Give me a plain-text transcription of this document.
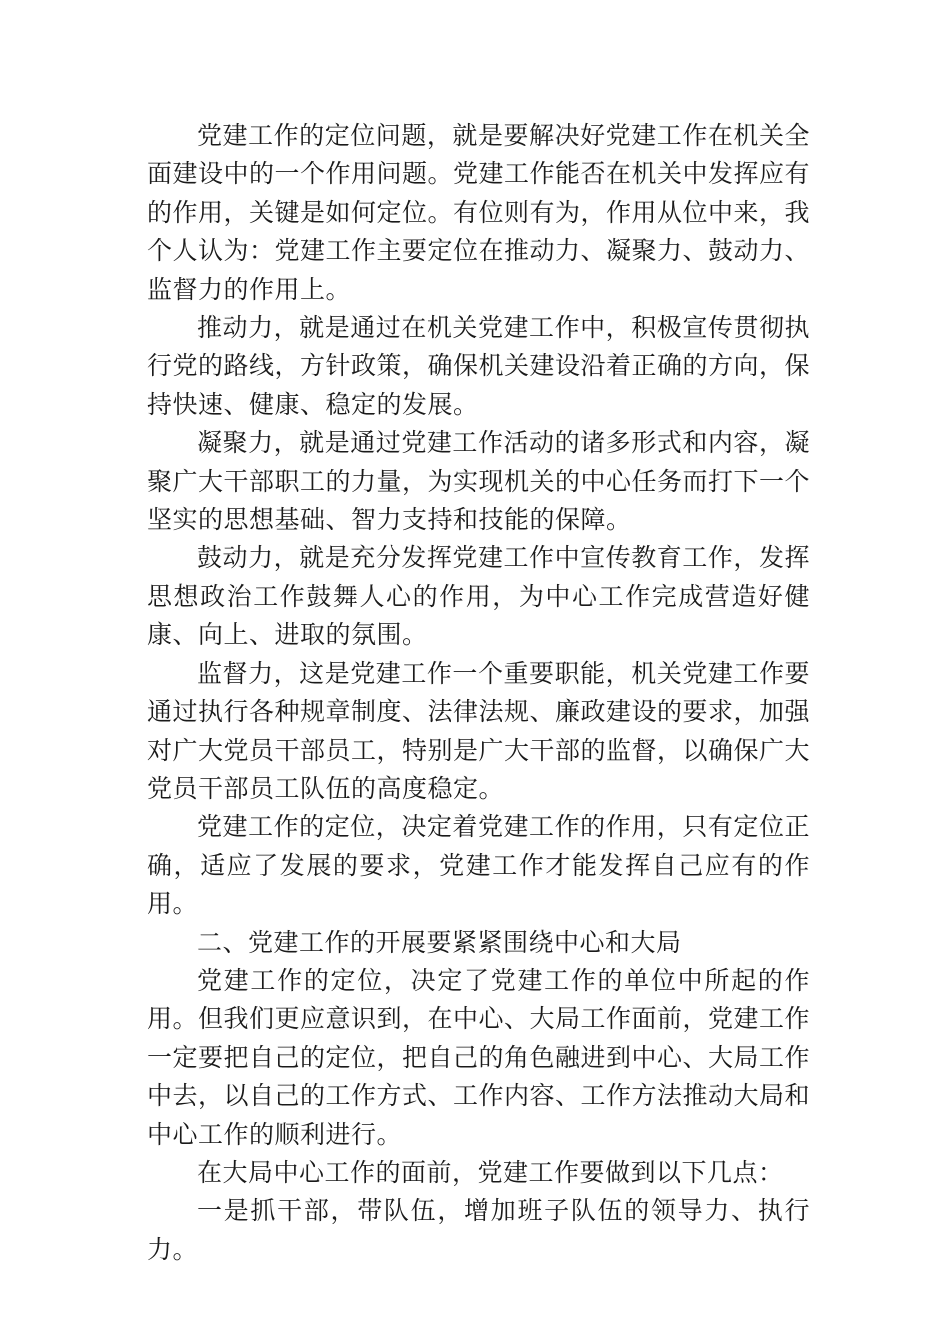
党建工作的定位问题，就是要解决好党建工作在机关全面建设中的一个作用问题。党建工作能否在机关中发挥应有的作用，关键是如何定位。有位则有为，作用从位中来，我个人认为：党建工作主要定位在推动力、凝聚力、鼓动力、监督力的作用上。

推动力，就是通过在机关党建工作中，积极宣传贯彻执行党的路线，方针政策，确保机关建设沿着正确的方向，保持快速、健康、稳定的发展。

凝聚力，就是通过党建工作活动的诸多形式和内容，凝聚广大干部职工的力量，为实现机关的中心任务而打下一个坚实的思想基础、智力支持和技能的保障。

鼓动力，就是充分发挥党建工作中宣传教育工作，发挥思想政治工作鼓舞人心的作用，为中心工作完成营造好健康、向上、进取的氛围。

监督力，这是党建工作一个重要职能，机关党建工作要通过执行各种规章制度、法律法规、廉政建设的要求，加强对广大党员干部员工，特别是广大干部的监督，以确保广大党员干部员工队伍的高度稳定。

党建工作的定位，决定着党建工作的作用，只有定位正确，适应了发展的要求，党建工作才能发挥自己应有的作用。

二、党建工作的开展要紧紧围绕中心和大局

党建工作的定位，决定了党建工作的单位中所起的作用。但我们更应意识到，在中心、大局工作面前，党建工作一定要把自己的定位，把自己的角色融进到中心、大局工作中去，以自己的工作方式、工作内容、工作方法推动大局和中心工作的顺利进行。

在大局中心工作的面前，党建工作要做到以下几点：

一是抓干部，带队伍，增加班子队伍的领导力、执行力。
